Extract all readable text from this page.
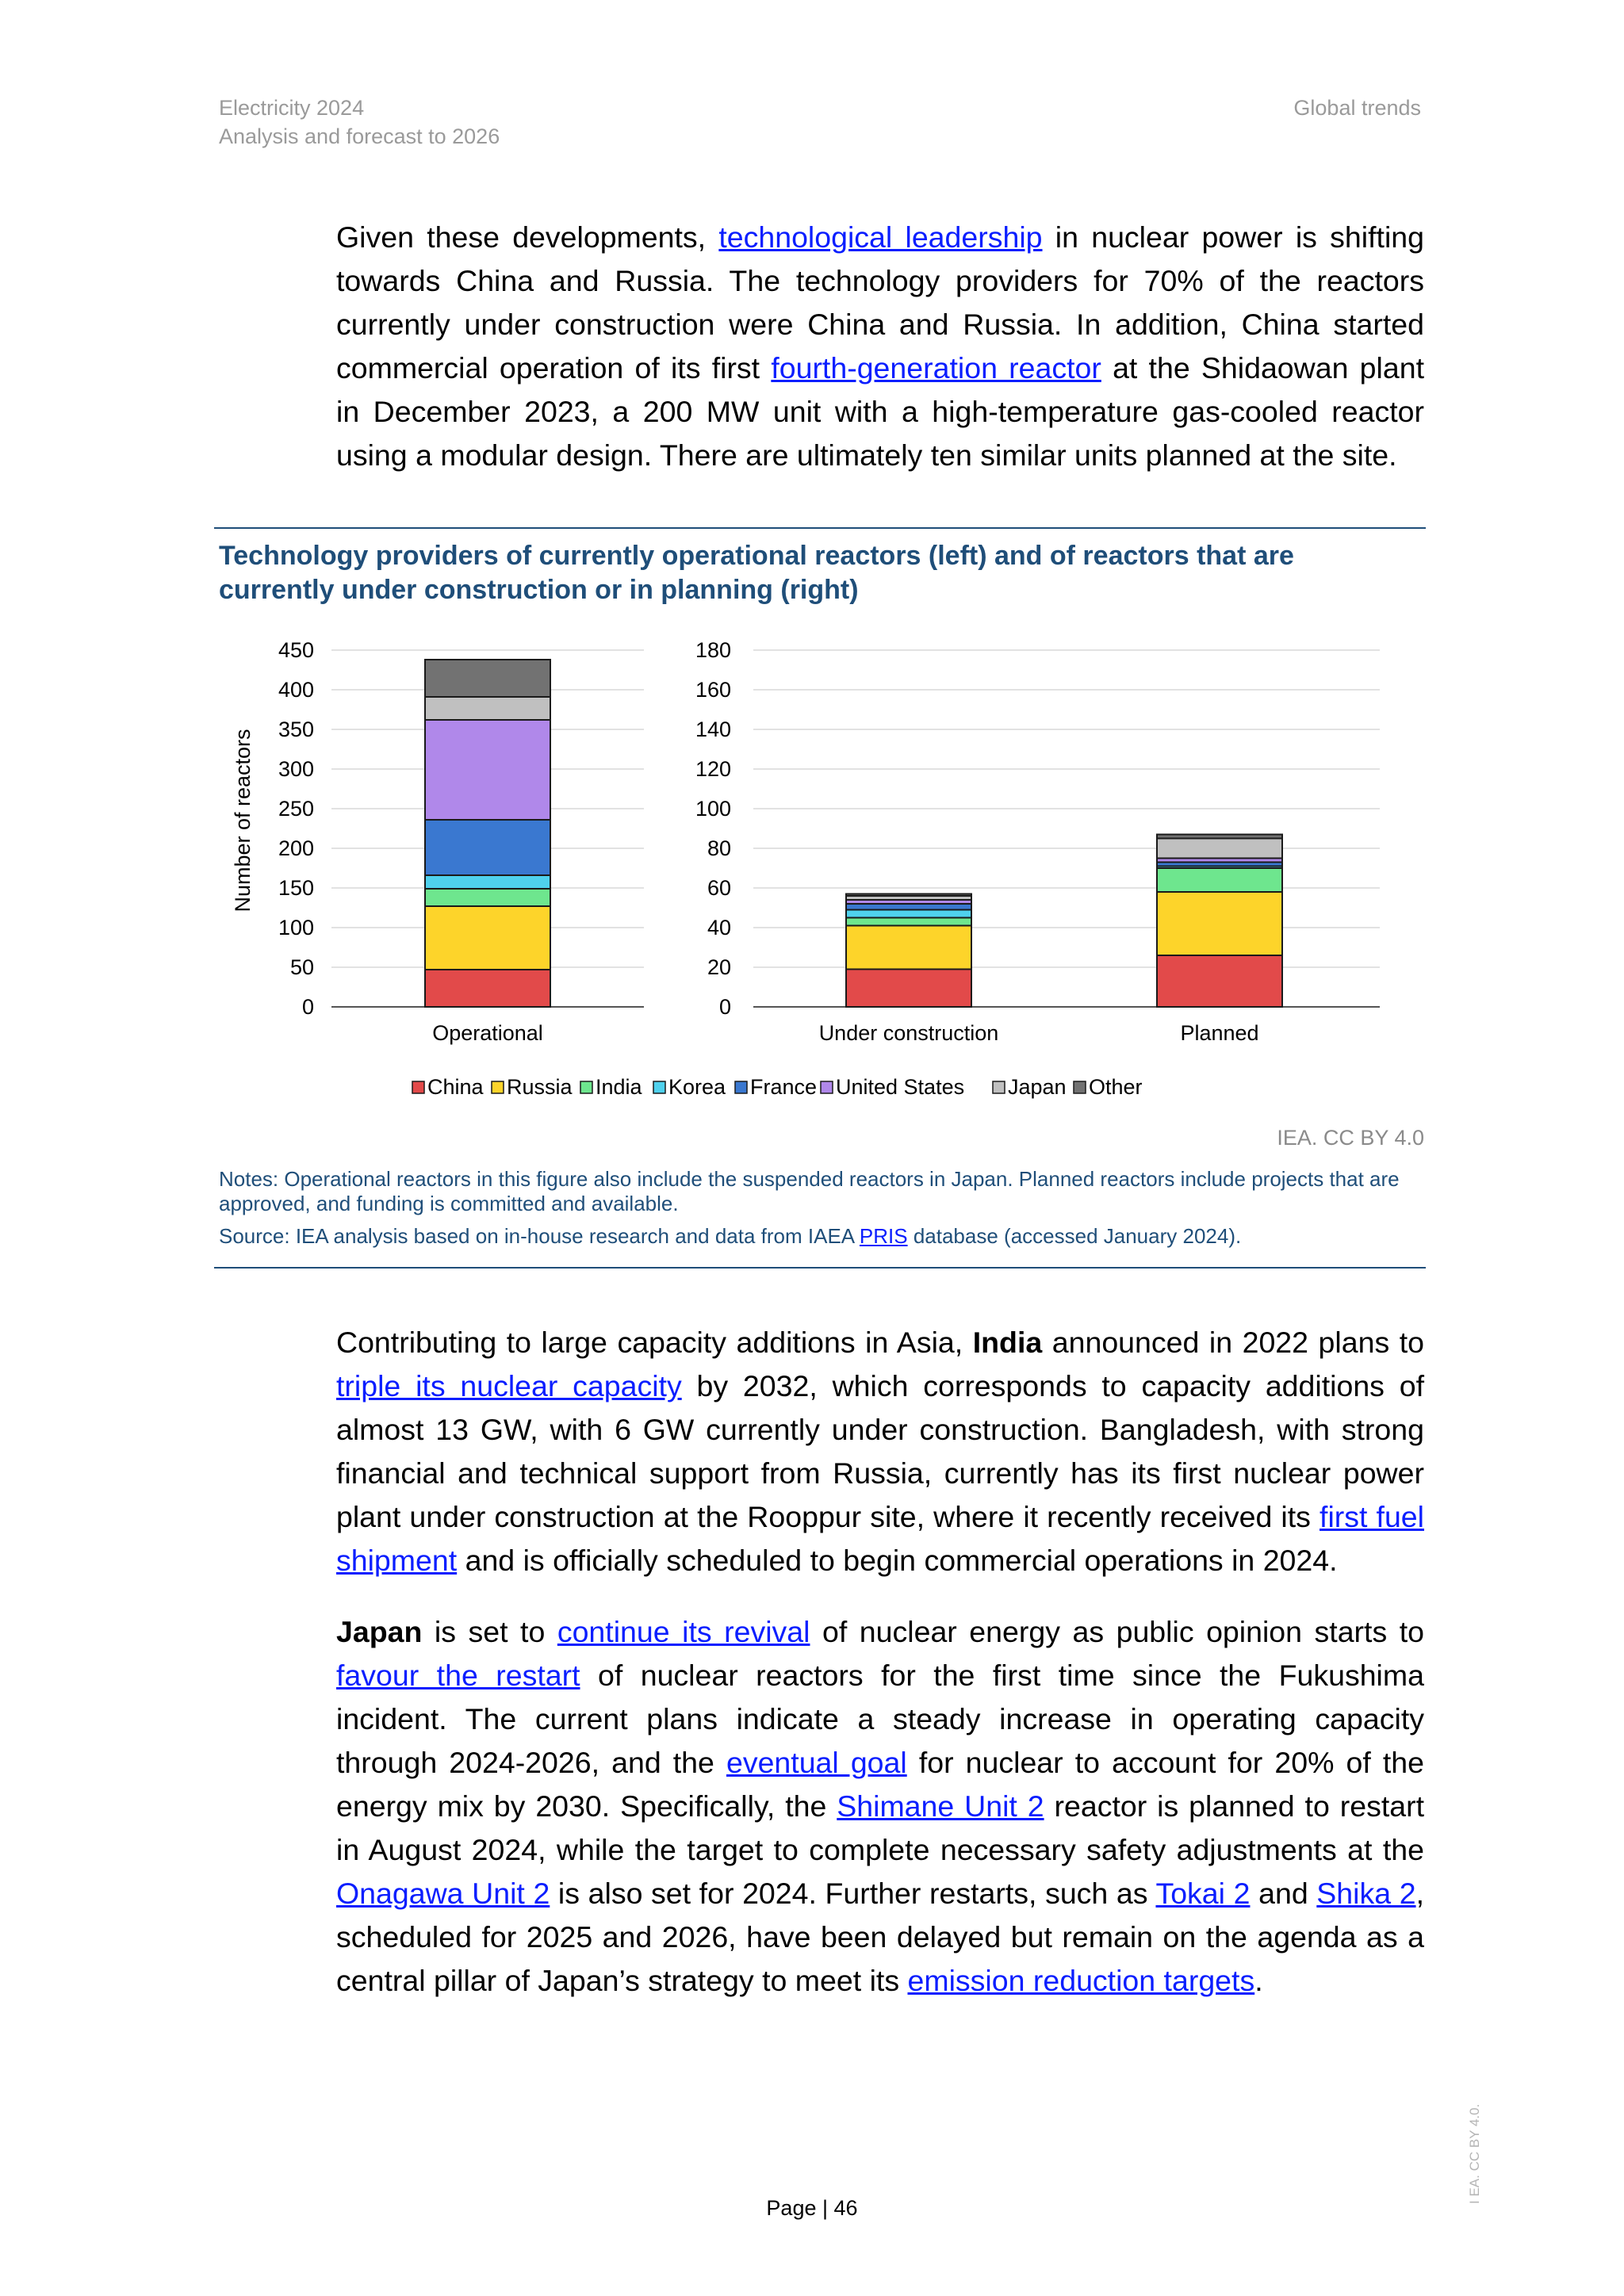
Electricity 2024
Analysis and forecast to 2026
Global trends
Given these developments, technological leadership in nuclear power is shifting towards China and Russia. The technology providers for 70% of the reactors currently under construction were China and Russia. In addition, China started commercial operation of its first fourth-generation reactor at the Shidaowan plant in December 2023, a 200 MW unit with a high-temperature gas-cooled reactor using a modular design. There are ultimately ten similar units planned at the site.
Technology providers of currently operational reactors (left) and of reactors that are currently under construction or in planning (right)
0
50
100
150
200
250
300
350
400
450
Operational
Number of reactors
0
20
40
60
80
100
120
140
160
180
Under construction	Planned
China Russia India Korea France United States Japan Other
IEA. CC BY 4.0
Notes: Operational reactors in this figure also include the suspended reactors in Japan. Planned reactors include projects that are approved, and funding is committed and available.
Source: IEA analysis based on in-house research and data from IAEA PRIS database (accessed January 2024).
Contributing to large capacity additions in Asia, India announced in 2022 plans to triple its nuclear capacity by 2032, which corresponds to capacity additions of almost 13 GW, with 6 GW currently under construction. Bangladesh, with strong financial and technical support from Russia, currently has its first nuclear power plant under construction at the Rooppur site, where it recently received its first fuel shipment and is officially scheduled to begin commercial operations in 2024.
Japan is set to continue its revival of nuclear energy as public opinion starts to favour the restart of nuclear reactors for the first time since the Fukushima incident. The current plans indicate a steady increase in operating capacity through 2024-2026, and the eventual goal for nuclear to account for 20% of the energy mix by 2030. Specifically, the Shimane Unit 2 reactor is planned to restart in August 2024, while the target to complete necessary safety adjustments at the Onagawa Unit 2 is also set for 2024. Further restarts, such as Tokai 2 and Shika 2, scheduled for 2025 and 2026, have been delayed but remain on the agenda as a central pillar of Japan’s strategy to meet its emission reduction targets.
Page | 46
I EA. CC BY 4.0.
